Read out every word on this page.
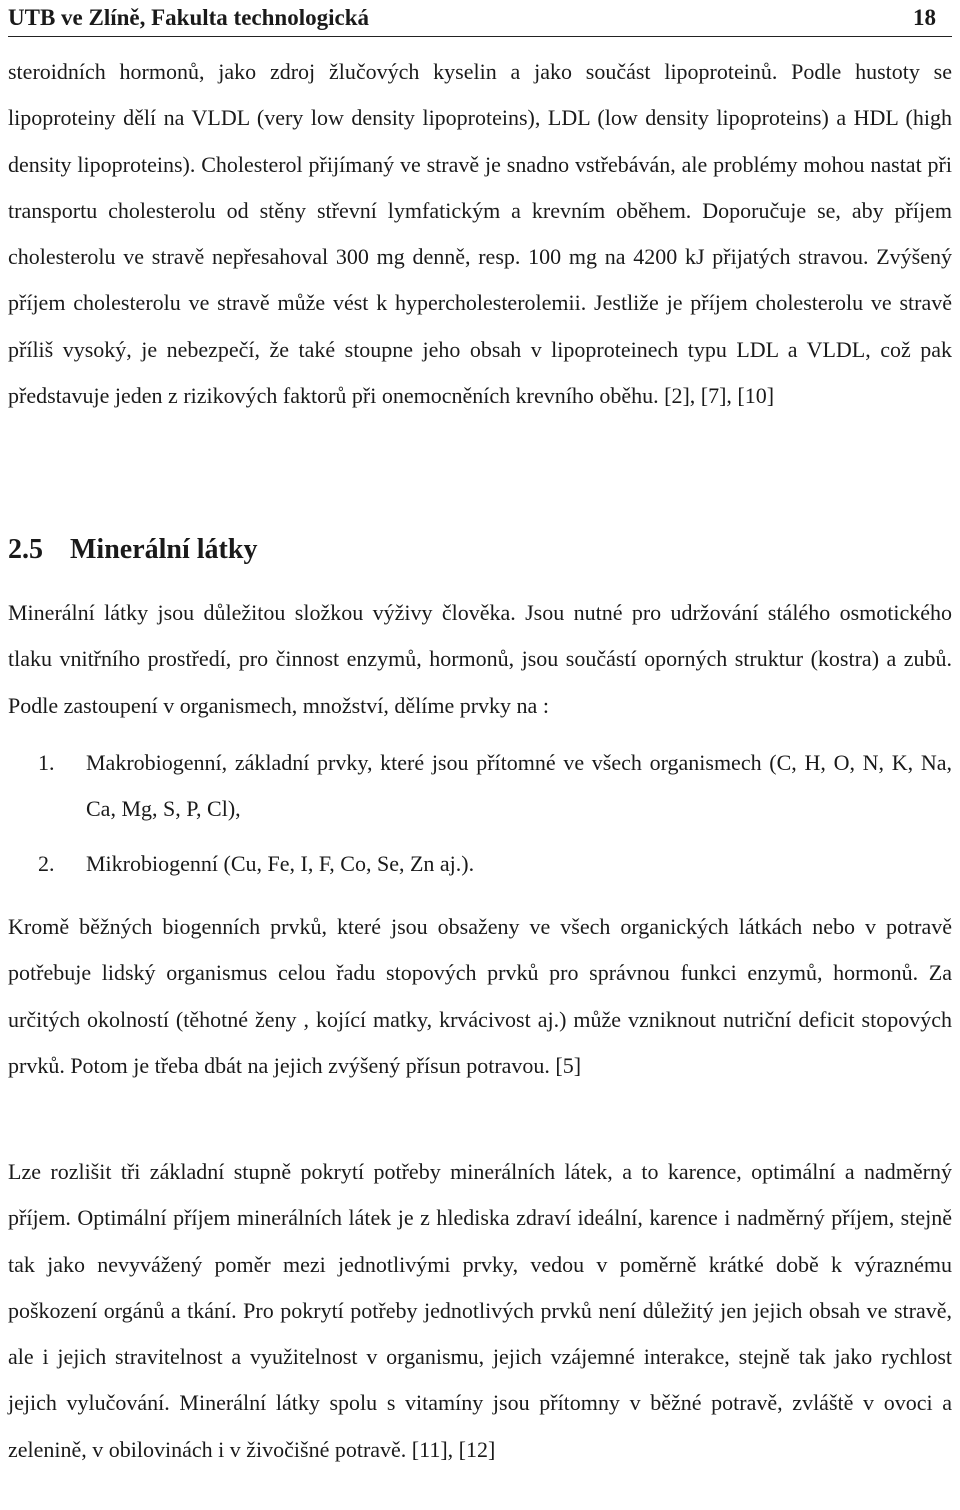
UTB ve Zlíně, Fakulta technologická	18

steroidních hormonů, jako zdroj žlučových kyselin a jako součást lipoproteinů. Podle hustoty se lipoproteiny dělí na VLDL (very low density lipoproteins), LDL (low density lipoproteins) a HDL (high density lipoproteins). Cholesterol přijímaný ve stravě je snadno vstřebáván, ale problémy mohou nastat při transportu cholesterolu od stěny střevní lymfatickým a krevním oběhem. Doporučuje se, aby příjem cholesterolu ve stravě nepřesahoval 300 mg denně, resp. 100 mg na 4200 kJ přijatých stravou. Zvýšený příjem cholesterolu ve stravě může vést k hypercholesterolemii. Jestliže je příjem cholesterolu ve stravě příliš vysoký, je nebezpečí, že také stoupne jeho obsah v lipoproteinech typu LDL a VLDL, což pak představuje jeden z rizikových faktorů při onemocněních krevního oběhu. [2], [7], [10]

2.5 Minerální látky

Minerální látky jsou důležitou složkou výživy člověka. Jsou nutné pro udržování stálého osmotického tlaku vnitřního prostředí, pro činnost enzymů, hormonů, jsou součástí oporných struktur (kostra) a zubů. Podle zastoupení v organismech, množství, dělíme prvky na :

1.	Makrobiogenní, základní prvky, které jsou přítomné ve všech organismech (C, H, O, N, K, Na, Ca, Mg, S, P, Cl),
2.	Mikrobiogenní (Cu, Fe, I, F, Co, Se, Zn aj.).

Kromě běžných biogenních prvků, které jsou obsaženy ve všech organických látkách nebo v potravě potřebuje lidský organismus celou řadu stopových prvků pro správnou funkci enzymů, hormonů. Za určitých okolností (těhotné ženy , kojící matky, krvácivost aj.) může vzniknout nutriční deficit stopových prvků. Potom je třeba dbát na jejich zvýšený přísun potravou. [5]

Lze rozlišit tři základní stupně pokrytí potřeby minerálních látek, a to karence, optimální a nadměrný příjem. Optimální příjem minerálních látek je z hlediska zdraví ideální, karence i nadměrný příjem, stejně tak jako nevyvážený poměr mezi jednotlivými prvky, vedou v poměrně krátké době k výraznému poškození orgánů a tkání. Pro pokrytí potřeby jednotlivých prvků není důležitý jen jejich obsah ve stravě, ale i jejich stravitelnost a využitelnost v organismu, jejich vzájemné interakce, stejně tak jako rychlost jejich vylučování. Minerální látky spolu s vitamíny jsou přítomny v běžné potravě, zvláště v ovoci a zelenině, v obilovinách i v živočišné potravě. [11], [12]
